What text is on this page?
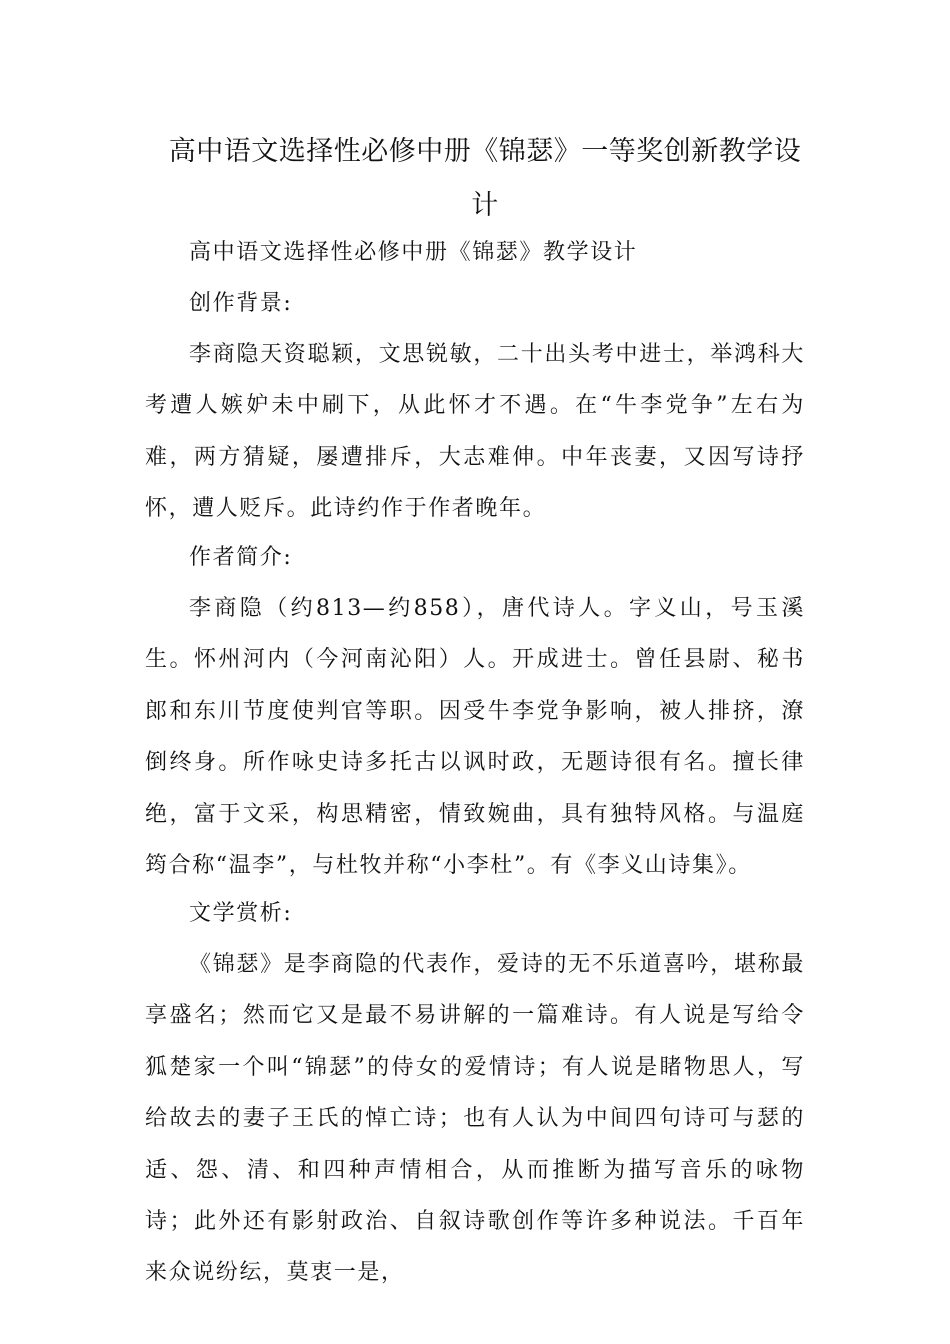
高中语文选择性必修中册《锦瑟》一等奖创新教学设计

高中语文选择性必修中册《锦瑟》教学设计

创作背景:

李商隐天资聪颖，文思锐敏，二十出头考中进士，举鸿科大考遭人嫉妒未中刷下，从此怀才不遇。在“牛李党争”左右为难，两方猜疑，屡遭排斥，大志难伸。中年丧妻，又因写诗抒怀，遭人贬斥。此诗约作于作者晚年。

作者简介:

李商隐（约813—约858），唐代诗人。字义山，号玉溪生。怀州河内（今河南沁阳）人。开成进士。曾任县尉、秘书郎和东川节度使判官等职。因受牛李党争影响，被人排挤，潦倒终身。所作咏史诗多托古以讽时政，无题诗很有名。擅长律绝，富于文采，构思精密，情致婉曲，具有独特风格。与温庭筠合称“温李”，与杜牧并称“小李杜”。有《李义山诗集》。

文学赏析:

《锦瑟》是李商隐的代表作，爱诗的无不乐道喜吟，堪称最享盛名；然而它又是最不易讲解的一篇难诗。有人说是写给令狐楚家一个叫“锦瑟”的侍女的爱情诗；有人说是睹物思人，写给故去的妻子王氏的悼亡诗；也有人认为中间四句诗可与瑟的适、怨、清、和四种声情相合，从而推断为描写音乐的咏物诗；此外还有影射政治、自叙诗歌创作等许多种说法。千百年来众说纷纭，莫衷一是，
